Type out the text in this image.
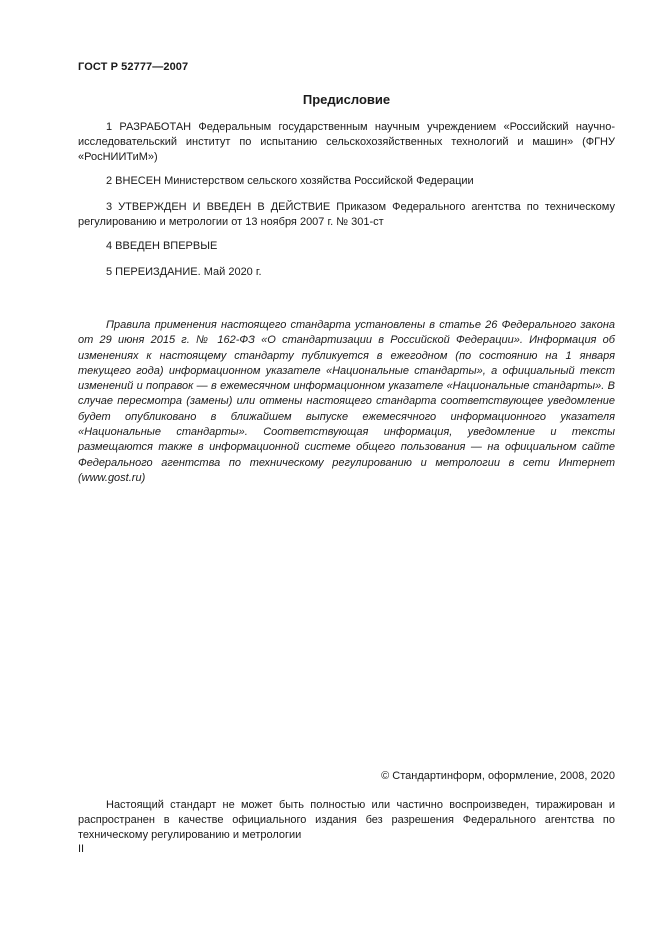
ГОСТ Р 52777—2007
Предисловие

1 РАЗРАБОТАН Федеральным государственным научным учреждением «Российский научно-исследовательский институт по испытанию сельскохозяйственных технологий и машин» (ФГНУ «РосНИИТиМ»)

2 ВНЕСЕН Министерством сельского хозяйства Российской Федерации

3 УТВЕРЖДЕН И ВВЕДЕН В ДЕЙСТВИЕ Приказом Федерального агентства по техническому регулированию и метрологии от 13 ноября 2007 г. № 301-ст

4 ВВЕДЕН ВПЕРВЫЕ

5 ПЕРЕИЗДАНИЕ. Май 2020 г.

Правила применения настоящего стандарта установлены в статье 26 Федерального закона от 29 июня 2015 г. № 162-ФЗ «О стандартизации в Российской Федерации». Информация об изменениях к настоящему стандарту публикуется в ежегодном (по состоянию на 1 января текущего года) информационном указателе «Национальные стандарты», а официальный текст изменений и поправок — в ежемесячном информационном указателе «Национальные стандарты». В случае пересмотра (замены) или отмены настоящего стандарта соответствующее уведомление будет опубликовано в ближайшем выпуске ежемесячного информационного указателя «Национальные стандарты». Соответствующая информация, уведомление и тексты размещаются также в информационной системе общего пользования — на официальном сайте Федерального агентства по техническому регулированию и метрологии в сети Интернет (www.gost.ru)

© Стандартинформ, оформление, 2008, 2020

Настоящий стандарт не может быть полностью или частично воспроизведен, тиражирован и распространен в качестве официального издания без разрешения Федерального агентства по техническому регулированию и метрологии

II
